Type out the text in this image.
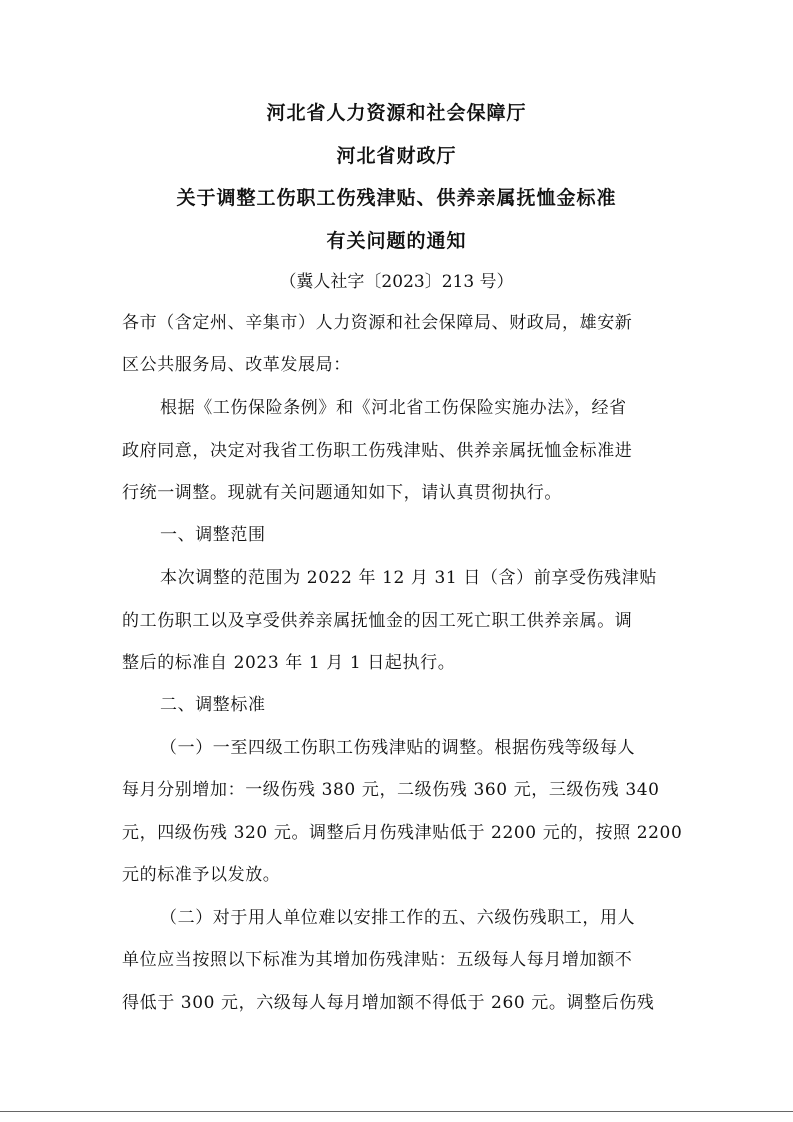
河北省人力资源和社会保障厅
河北省财政厅
关于调整工伤职工伤残津贴、供养亲属抚恤金标准
有关问题的通知
（冀人社字〔2023〕213 号）
各市（含定州、辛集市）人力资源和社会保障局、财政局，雄安新
区公共服务局、改革发展局：
根据《工伤保险条例》和《河北省工伤保险实施办法》，经省
政府同意，决定对我省工伤职工伤残津贴、供养亲属抚恤金标准进
行统一调整。现就有关问题通知如下，请认真贯彻执行。
一、调整范围
本次调整的范围为 2022 年 12 月 31 日（含）前享受伤残津贴
的工伤职工以及享受供养亲属抚恤金的因工死亡职工供养亲属。调
整后的标准自 2023 年 1 月 1 日起执行。
二、调整标准
（一）一至四级工伤职工伤残津贴的调整。根据伤残等级每人
每月分别增加：一级伤残 380 元，二级伤残 360 元，三级伤残 340
元，四级伤残 320 元。调整后月伤残津贴低于 2200 元的，按照 2200
元的标准予以发放。
（二）对于用人单位难以安排工作的五、六级伤残职工，用人
单位应当按照以下标准为其增加伤残津贴：五级每人每月增加额不
得低于 300 元，六级每人每月增加额不得低于 260 元。调整后伤残
